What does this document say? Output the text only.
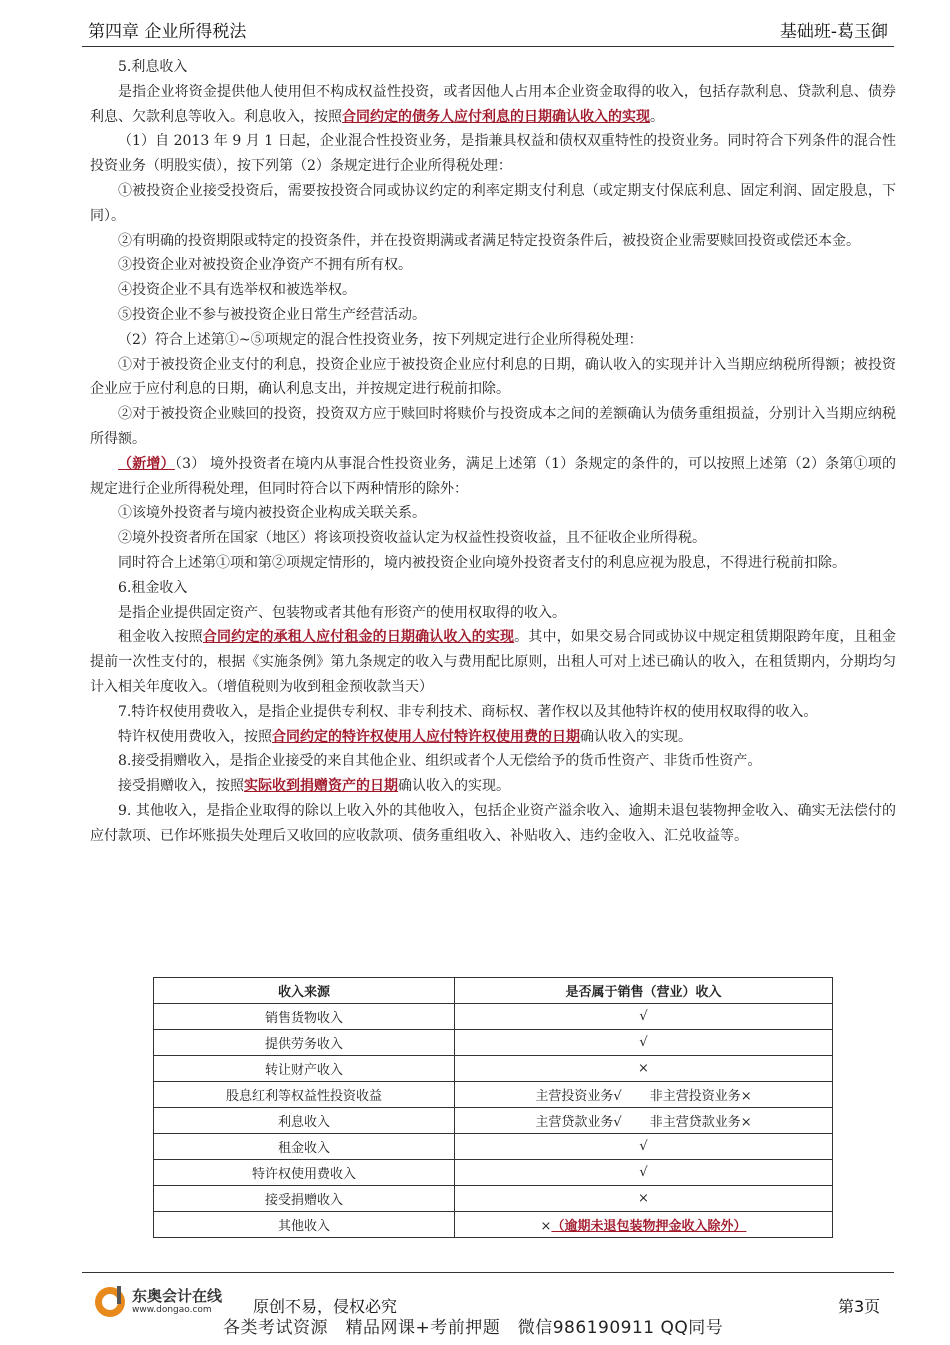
第四章 企业所得税法	基础班-葛玉御

5.利息收入

是指企业将资金提供他人使用但不构成权益性投资，或者因他人占用本企业资金取得的收入，包括存款利息、贷款利息、债券利息、欠款利息等收入。利息收入，按照合同约定的债务人应付利息的日期确认收入的实现。

（1）自 2013 年 9 月 1 日起，企业混合性投资业务，是指兼具权益和债权双重特性的投资业务。同时符合下列条件的混合性投资业务（明股实债），按下列第（2）条规定进行企业所得税处理：

①被投资企业接受投资后，需要按投资合同或协议约定的利率定期支付利息（或定期支付保底利息、固定利润、固定股息，下同）。

②有明确的投资期限或特定的投资条件，并在投资期满或者满足特定投资条件后，被投资企业需要赎回投资或偿还本金。

③投资企业对被投资企业净资产不拥有所有权。

④投资企业不具有选举权和被选举权。

⑤投资企业不参与被投资企业日常生产经营活动。

（2）符合上述第①~⑤项规定的混合性投资业务，按下列规定进行企业所得税处理：

①对于被投资企业支付的利息，投资企业应于被投资企业应付利息的日期，确认收入的实现并计入当期应纳税所得额；被投资企业应于应付利息的日期，确认利息支出，并按规定进行税前扣除。

②对于被投资企业赎回的投资，投资双方应于赎回时将赎价与投资成本之间的差额确认为债务重组损益，分别计入当期应纳税所得额。

（新增）（3） 境外投资者在境内从事混合性投资业务，满足上述第（1）条规定的条件的，可以按照上述第（2）条第①项的规定进行企业所得税处理，但同时符合以下两种情形的除外：

①该境外投资者与境内被投资企业构成关联关系。

②境外投资者所在国家（地区）将该项投资收益认定为权益性投资收益，且不征收企业所得税。

同时符合上述第①项和第②项规定情形的，境内被投资企业向境外投资者支付的利息应视为股息，不得进行税前扣除。

6.租金收入

是指企业提供固定资产、包装物或者其他有形资产的使用权取得的收入。

租金收入按照合同约定的承租人应付租金的日期确认收入的实现。其中，如果交易合同或协议中规定租赁期限跨年度，且租金提前一次性支付的，根据《实施条例》第九条规定的收入与费用配比原则，出租人可对上述已确认的收入，在租赁期内，分期均匀计入相关年度收入。（增值税则为收到租金预收款当天）

7.特许权使用费收入，是指企业提供专利权、非专利技术、商标权、著作权以及其他特许权的使用权取得的收入。

特许权使用费收入，按照合同约定的特许权使用人应付特许权使用费的日期确认收入的实现。

8.接受捐赠收入，是指企业接受的来自其他企业、组织或者个人无偿给予的货币性资产、非货币性资产。

接受捐赠收入，按照实际收到捐赠资产的日期确认收入的实现。

9. 其他收入，是指企业取得的除以上收入外的其他收入，包括企业资产溢余收入、逾期未退包装物押金收入、确实无法偿付的应付款项、已作坏账损失处理后又收回的应收款项、债务重组收入、补贴收入、违约金收入、汇兑收益等。

收入来源	是否属于销售（营业）收入
销售货物收入	√
提供劳务收入	√
转让财产收入	×
股息红利等权益性投资收益	主营投资业务√ 非主营投资业务×
利息收入	主营贷款业务√ 非主营贷款业务×
租金收入	√
特许权使用费收入	√
接受捐赠收入	×
其他收入	×（逾期未退包装物押金收入除外）
东奥会计在线
www.dongao.com	原创不易，侵权必究	第3页
各类考试资源　精品网课+考前押题　微信986190911 QQ同号
